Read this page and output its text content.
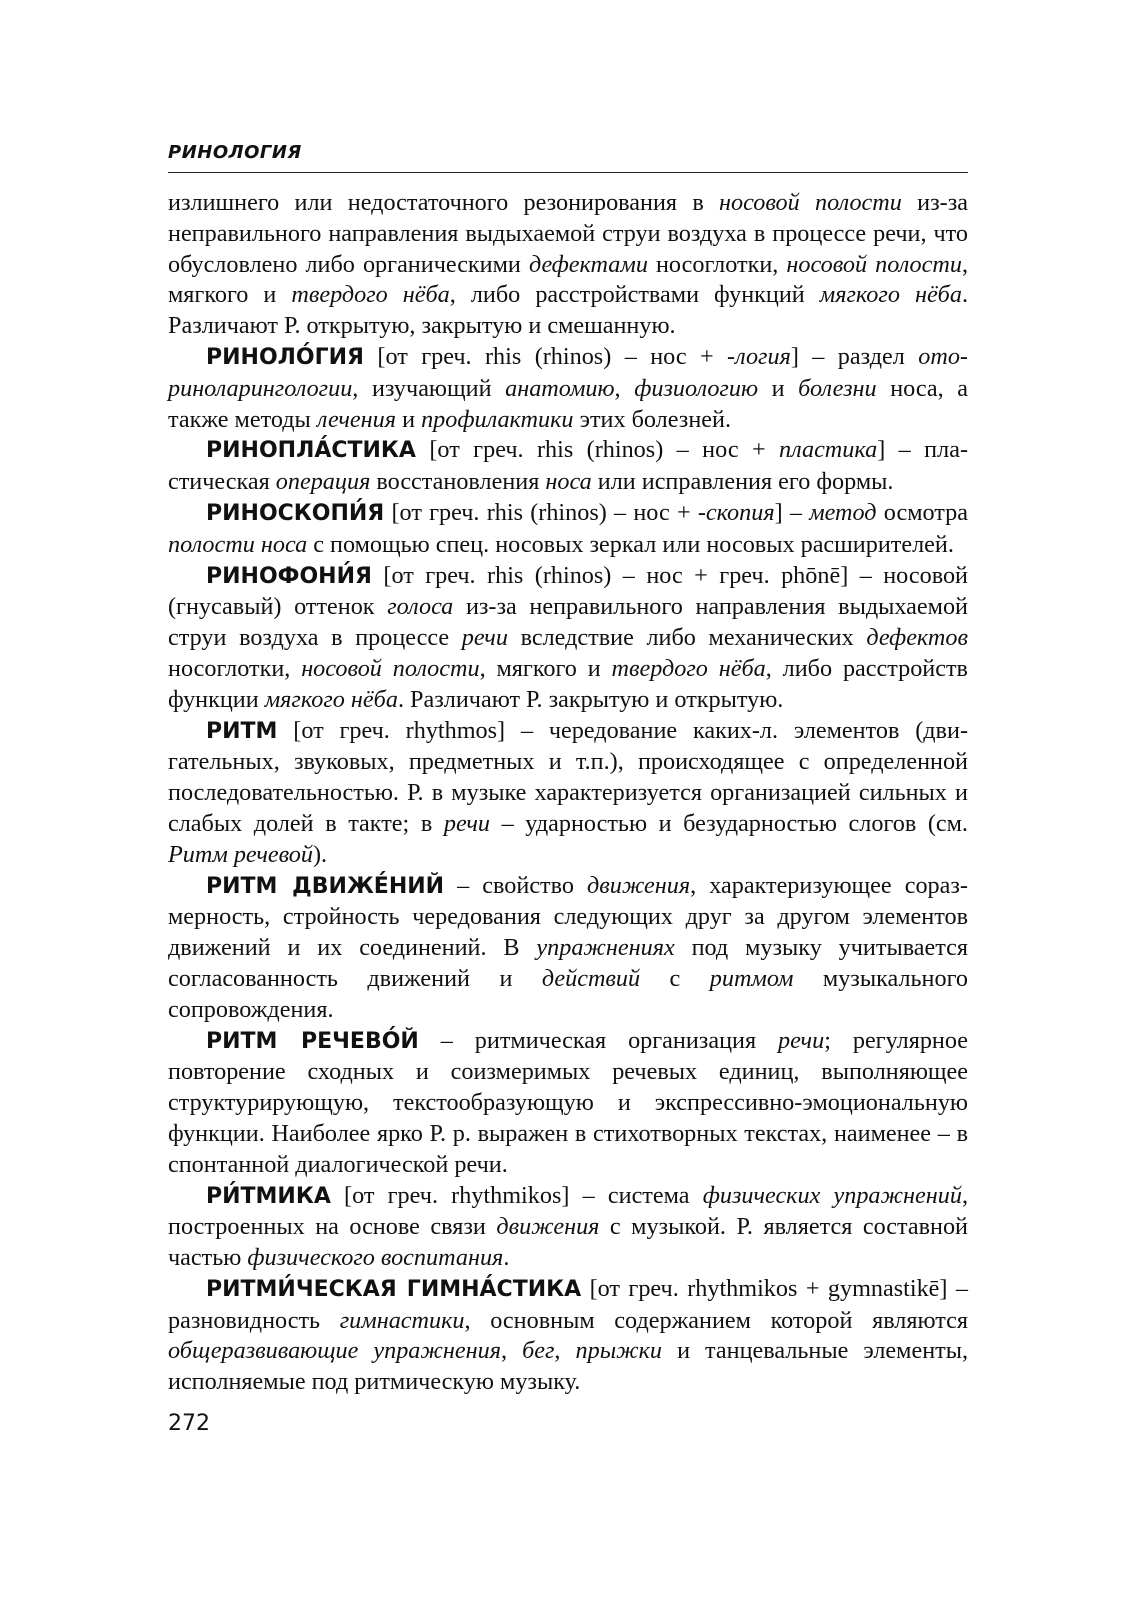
РИНОЛОГИЯ

излишнего или недостаточного резонирования в носовой полости из-за неправильного направления выдыхаемой струи воздуха в процессе речи, что обусловлено либо органическими дефектами носоглотки, носовой полости, мягкого и твердого нёба, либо расстройствами функций мягкого нёба. Различают Р. открытую, закрытую и смешанную.

РИНОЛО́ГИЯ [от греч. rhis (rhinos) – нос + -логия] – раздел оториноларингологии, изучающий анатомию, физиологию и болезни носа, а также методы лечения и профилактики этих болезней.

РИНОПЛА́СТИКА [от греч. rhis (rhinos) – нос + пластика] – пластическая операция восстановления носа или исправления его формы.

РИНОСКОПИ́Я [от греч. rhis (rhinos) – нос + -скопия] – метод осмотра полости носа с помощью спец. носовых зеркал или носовых расширителей.

РИНОФОНИ́Я [от греч. rhis (rhinos) – нос + греч. phōnē] – носовой (гнусавый) оттенок голоса из-за неправильного направления выдыхаемой струи воздуха в процессе речи вследствие либо механических дефектов носоглотки, носовой полости, мягкого и твердого нёба, либо расстройств функции мягкого нёба. Различают Р. закрытую и открытую.

РИТМ [от греч. rhythmos] – чередование каких-л. элементов (двигательных, звуковых, предметных и т.п.), происходящее с определенной последовательностью. Р. в музыке характеризуется организацией сильных и слабых долей в такте; в речи – ударностью и безударностью слогов (см. Ритм речевой).

РИТМ ДВИЖЕ́НИЙ – свойство движения, характеризующее соразмерность, стройность чередования следующих друг за другом элементов движений и их соединений. В упражнениях под музыку учитывается согласованность движений и действий с ритмом музыкального сопровождения.

РИТМ РЕЧЕВО́Й – ритмическая организация речи; регулярное повторение сходных и соизмеримых речевых единиц, выполняющее структурирующую, текстообразующую и экспрессивно-эмоциональную функции. Наиболее ярко Р. р. выражен в стихотворных текстах, наименее – в спонтанной диалогической речи.

РИ́ТМИКА [от греч. rhythmikos] – система физических упражнений, построенных на основе связи движения с музыкой. Р. является составной частью физического воспитания.

РИТМИ́ЧЕСКАЯ ГИМНА́СТИКА [от греч. rhythmikos + gymnastikē] – разновидность гимнастики, основным содержанием которой являются общеразвивающие упражнения, бег, прыжки и танцевальные элементы, исполняемые под ритмическую музыку.

272
